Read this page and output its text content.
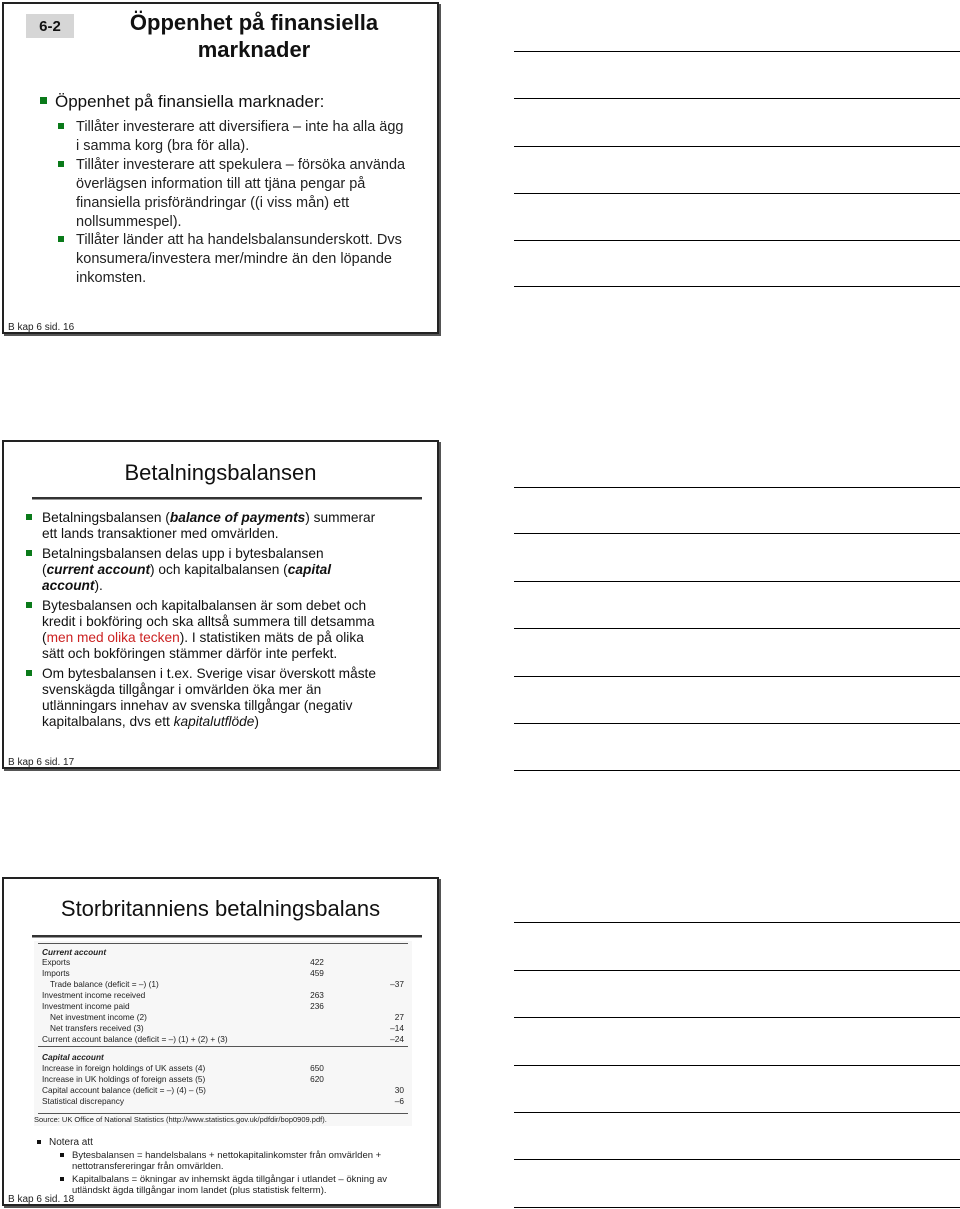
6-2	Öppenhet på finansiella
marknader
Öppenhet på finansiella marknader:
Tillåter investerare att diversifiera – inte ha alla ägg
i samma korg (bra för alla).
Tillåter investerare att spekulera – försöka använda
överlägsen information till att tjäna pengar på
finansiella prisförändringar ((i viss mån) ett
nollsummespel).
Tillåter länder att ha handelsbalansunderskott. Dvs
konsumera/investera mer/mindre än den löpande
inkomsten.
B kap 6 sid. 16
Betalningsbalansen
Betalningsbalansen (balance of payments) summerar
ett lands transaktioner med omvärlden.
Betalningsbalansen delas upp i bytesbalansen
(current account) och kapitalbalansen (capital
account).
Bytesbalansen och kapitalbalansen är som debet och
kredit i bokföring och ska alltså summera till detsamma
(men med olika tecken). I statistiken mäts de på olika
sätt och bokföringen stämmer därför inte perfekt.
Om bytesbalansen i t.ex. Sverige visar överskott måste
svenskägda tillgångar i omvärlden öka mer än
utlänningars innehav av svenska tillgångar (negativ
kapitalbalans, dvs ett kapitalutflöde)
B kap 6 sid. 17
Storbritanniens betalningsbalans
Current account
Exports	422
Imports	459
Trade balance (deficit = –) (1)	–37
Investment income received	263
Investment income paid	236
Net investment income (2)	27
Net transfers received (3)	–14
Current account balance (deficit = –) (1) + (2) + (3)	–24
Capital account
Increase in foreign holdings of UK assets (4)	650
Increase in UK holdings of foreign assets (5)	620
Capital account balance (deficit = –) (4) – (5)	30
Statistical discrepancy	–6
Source: UK Office of National Statistics (http://www.statistics.gov.uk/pdfdir/bop0909.pdf).
Notera att
Bytesbalansen = handelsbalans + nettokapitalinkomster från omvärlden +
nettotransfereringar från omvärlden.
Kapitalbalans = ökningar av inhemskt ägda tillgångar i utlandet – ökning av
utländskt ägda tillgångar inom landet (plus statistisk felterm).
B kap 6 sid. 18
